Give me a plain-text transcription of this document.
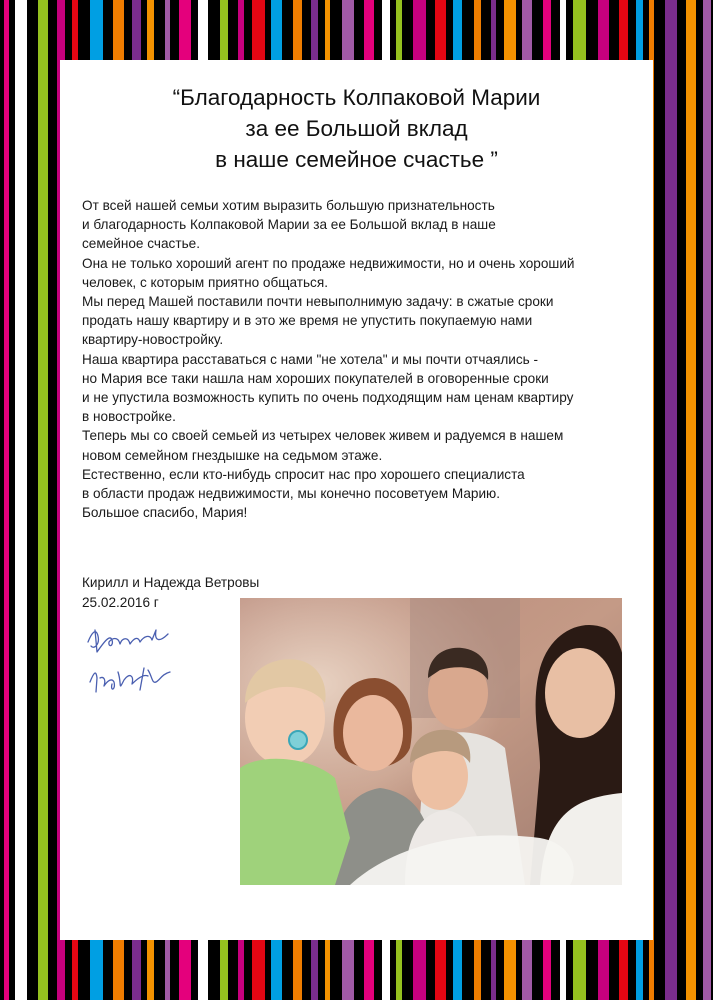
“Благодарность Колпаковой Марии
за ее Большой вклад
в наше семейное счастье ”
От всей нашей семьи хотим выразить большую признательность
и благодарность Колпаковой Марии за ее Большой вклад в наше
семейное счастье.
Она не только хороший агент по продаже недвижимости, но и очень хороший
человек, с которым приятно общаться.
Мы перед Машей поставили почти невыполнимую задачу: в сжатые сроки
продать нашу квартиру и в это же время не упустить покупаемую нами
квартиру-новостройку.
Наша квартира расставаться с нами "не хотела" и мы почти отчаялись -
но Мария все таки нашла нам хороших покупателей в оговоренные сроки
и не упустила возможность купить по очень подходящим нам ценам квартиру
в новостройке.
Теперь мы со своей семьей из четырех человек живем и радуемся в нашем
новом семейном гнездышке на седьмом этаже.
Естественно, если кто-нибудь спросит нас про хорошего специалиста
в области продаж недвижимости, мы конечно посоветуем Марию.
Большое спасибо, Мария!
Кирилл и Надежда Ветровы
25.02.2016 г
